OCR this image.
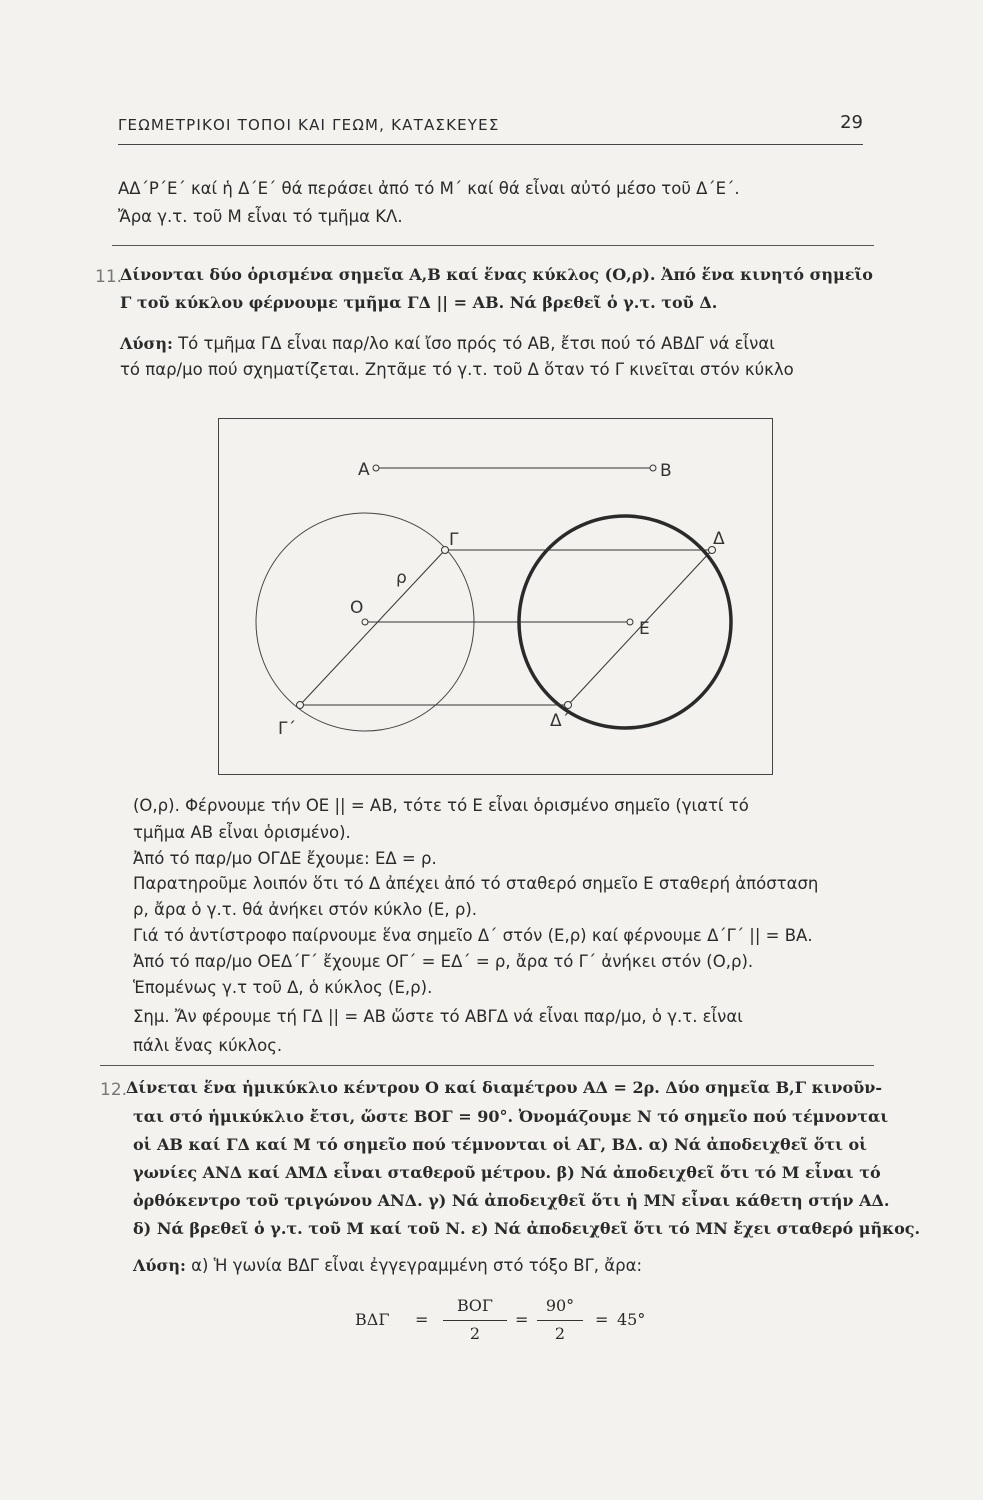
ΓΕΩΜΕΤΡΙΚΟΙ ΤΟΠΟΙ ΚΑΙ ΓΕΩΜ, ΚΑΤΑΣΚΕΥΕΣ	29
ΑΔ΄Ρ΄Ε΄ καί ἡ Δ΄Ε΄ θά περάσει ἀπό τό Μ΄ καί θά εἶναι αὐτό μέσο τοῦ Δ΄Ε΄.
Ἄρα γ.τ. τοῦ Μ εἶναι τό τμῆμα ΚΛ.
11.
Δίνονται δύο ὁρισμένα σημεῖα Α,Β καί ἕνας κύκλος (Ο,ρ). Ἀπό ἕνα κινητό σημεῖο
Γ τοῦ κύκλου φέρνουμε τμῆμα ΓΔ || = ΑΒ. Νά βρεθεῖ ὁ γ.τ. τοῦ Δ.
Λύση: Τό τμῆμα ΓΔ εἶναι παρ/λο καί ἴσο πρός τό ΑΒ, ἔτσι πού τό ΑΒΔΓ νά εἶναι
τό παρ/μο πού σχηματίζεται. Ζητᾶμε τό γ.τ. τοῦ Δ ὅταν τό Γ κινεῖται στόν κύκλο
Α	Β
Γ	Δ
Ο
ρ
Ε
Γ΄	Δ΄
(Ο,ρ). Φέρνουμε τήν ΟΕ || = ΑΒ, τότε τό Ε εἶναι ὁρισμένο σημεῖο (γιατί τό
τμῆμα ΑΒ εἶναι ὁρισμένο).
Ἀπό τό παρ/μο ΟΓΔΕ ἔχουμε: ΕΔ = ρ.
Παρατηροῦμε λοιπόν ὅτι τό Δ ἀπέχει ἀπό τό σταθερό σημεῖο Ε σταθερή ἀπόσταση
ρ, ἄρα ὁ γ.τ. θά ἀνήκει στόν κύκλο (Ε, ρ).
Γιά τό ἀντίστροφο παίρνουμε ἕνα σημεῖο Δ΄ στόν (Ε,ρ) καί φέρνουμε Δ΄Γ΄ || = ΒΑ.
Ἀπό τό παρ/μο ΟΕΔ΄Γ΄ ἔχουμε ΟΓ΄ = ΕΔ΄ = ρ, ἄρα τό Γ΄ ἀνήκει στόν (Ο,ρ).
Ἑπομένως γ.τ τοῦ Δ, ὁ κύκλος (Ε,ρ).
Σημ. Ἄν φέρουμε τή ΓΔ || = ΑΒ ὥστε τό ΑΒΓΔ νά εἶναι παρ/μο, ὁ γ.τ. εἶναι
πάλι ἕνας κύκλος.
12.
Δίνεται ἕνα ἡμικύκλιο κέντρου Ο καί διαμέτρου ΑΔ = 2ρ. Δύο σημεῖα Β,Γ κινοῦν-
ται στό ἡμικύκλιο ἔτσι, ὥστε ΒΟΓ = 90°. Ὀνομάζουμε Ν τό σημεῖο πού τέμνονται
οἱ ΑΒ καί ΓΔ καί Μ τό σημεῖο πού τέμνονται οἱ ΑΓ, ΒΔ. α) Νά ἀποδειχθεῖ ὅτι οἱ
γωνίες ΑΝΔ καί ΑΜΔ εἶναι σταθεροῦ μέτρου. β) Νά ἀποδειχθεῖ ὅτι τό Μ εἶναι τό
ὀρθόκεντρο τοῦ τριγώνου ΑΝΔ. γ) Νά ἀποδειχθεῖ ὅτι ἡ ΜΝ εἶναι κάθετη στήν ΑΔ.
δ) Νά βρεθεῖ ὁ γ.τ. τοῦ Μ καί τοῦ Ν. ε) Νά ἀποδειχθεῖ ὅτι τό ΜΝ ἔχει σταθερό μῆκος.
Λύση: α) Ἡ γωνία ΒΔΓ εἶναι ἐγγεγραμμένη στό τόξο ΒΓ, ἄρα:
ΒΔΓ =
ΒΟΓ
2
=
90°
2
= 45°
